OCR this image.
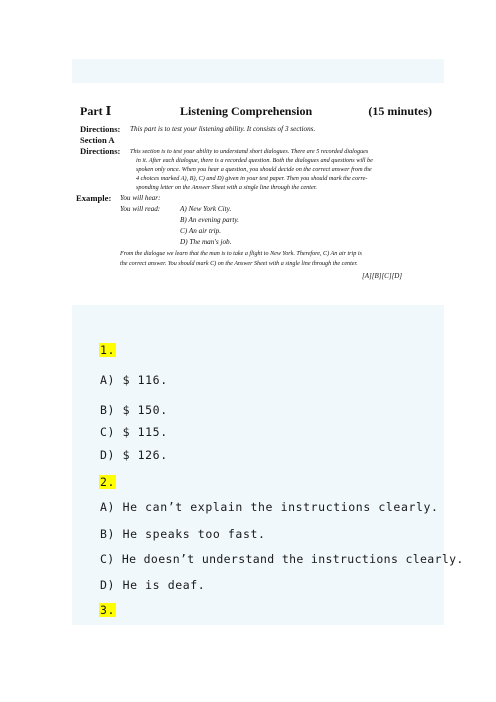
Part Ⅰ	Listening Comprehension	(15 minutes)
Directions: This part is to test your listening ability. It consists of 3 sections.
Section A
Directions: This section is to test your ability to understand short dialogues. There are 5 recorded dialogues
in it. After each dialogue, there is a recorded question. Both the dialogues and questions will be
spoken only once. When you hear a question, you should decide on the correct answer from the
4 choices marked A), B), C) and D) given in your test paper. Then you should mark the corre-
sponding letter on the Answer Sheet with a single line through the center.
Example: You will hear:
You will read:	A) New York City.
B) An evening party.
C) An air trip.
D) The man's job.
From the dialogue we learn that the man is to take a flight to New York. Therefore, C) An air trip is
the correct answer. You should mark C) on the Answer Sheet with a single line through the center.
[A][B][C][D]
1.
A) $ 116.
B) $ 150.
C) $ 115.
D) $ 126.
2.
A) He can’t explain the instructions clearly.
B) He speaks too fast.
C) He doesn’t understand the instructions clearly.
D) He is deaf.
3.
